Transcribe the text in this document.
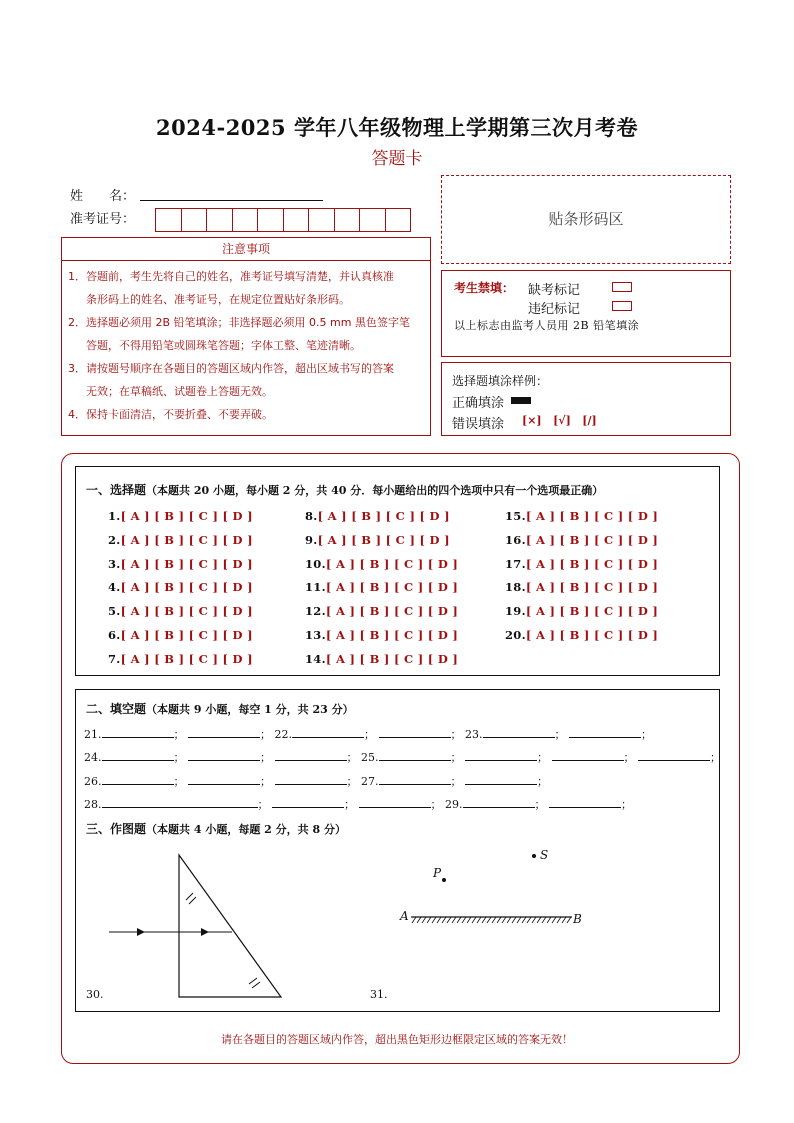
2024-2025 学年八年级物理上学期第三次月考卷
答题卡
姓　　名：
准考证号：	贴条形码区
注意事项
1．答题前，考生先将自己的姓名，准考证号填写清楚，并认真核准
条形码上的姓名、准考证号，在规定位置贴好条形码。
2．选择题必须用 2B 铅笔填涂；非选择题必须用 0.5 mm 黑色签字笔
答题，不得用铅笔或圆珠笔答题；字体工整、笔迹清晰。
3．请按题号顺序在各题目的答题区域内作答，超出区域书写的答案
无效；在草稿纸、试题卷上答题无效。
4．保持卡面清洁，不要折叠、不要弄破。
考生禁填： 缺考标记
违纪标记
以上标志由监考人员用 2B 铅笔填涂
选择题填涂样例：
正确填涂
错误填涂 [×] [√] [/]
一、选择题（本题共 20 小题，每小题 2 分，共 40 分．每小题给出的四个选项中只有一个选项最正确）
1.[ A ] [ B ] [ C ] [ D ]
2.[ A ] [ B ] [ C ] [ D ]
3.[ A ] [ B ] [ C ] [ D ]
4.[ A ] [ B ] [ C ] [ D ]
5.[ A ] [ B ] [ C ] [ D ]
6.[ A ] [ B ] [ C ] [ D ]
7.[ A ] [ B ] [ C ] [ D ]
8.[ A ] [ B ] [ C ] [ D ]
9.[ A ] [ B ] [ C ] [ D ]
10.[ A ] [ B ] [ C ] [ D ]
11.[ A ] [ B ] [ C ] [ D ]
12.[ A ] [ B ] [ C ] [ D ]
13.[ A ] [ B ] [ C ] [ D ]
14.[ A ] [ B ] [ C ] [ D ]
15.[ A ] [ B ] [ C ] [ D ]
16.[ A ] [ B ] [ C ] [ D ]
17.[ A ] [ B ] [ C ] [ D ]
18.[ A ] [ B ] [ C ] [ D ]
19.[ A ] [ B ] [ C ] [ D ]
20.[ A ] [ B ] [ C ] [ D ]
二、填空题（本题共 9 小题，每空 1 分，共 23 分）
21.	；	； 22.	；	； 23.	；	；
24.	；	；	； 25.	；	；	；	；
26.	；	；	； 27.	；	；
28.	；	；	； 29.	；	；
三、作图题（本题共 4 小题，每题 2 分，共 8 分）
30.
S
P
A	B
31.
请在各题目的答题区域内作答，超出黑色矩形边框限定区域的答案无效！
